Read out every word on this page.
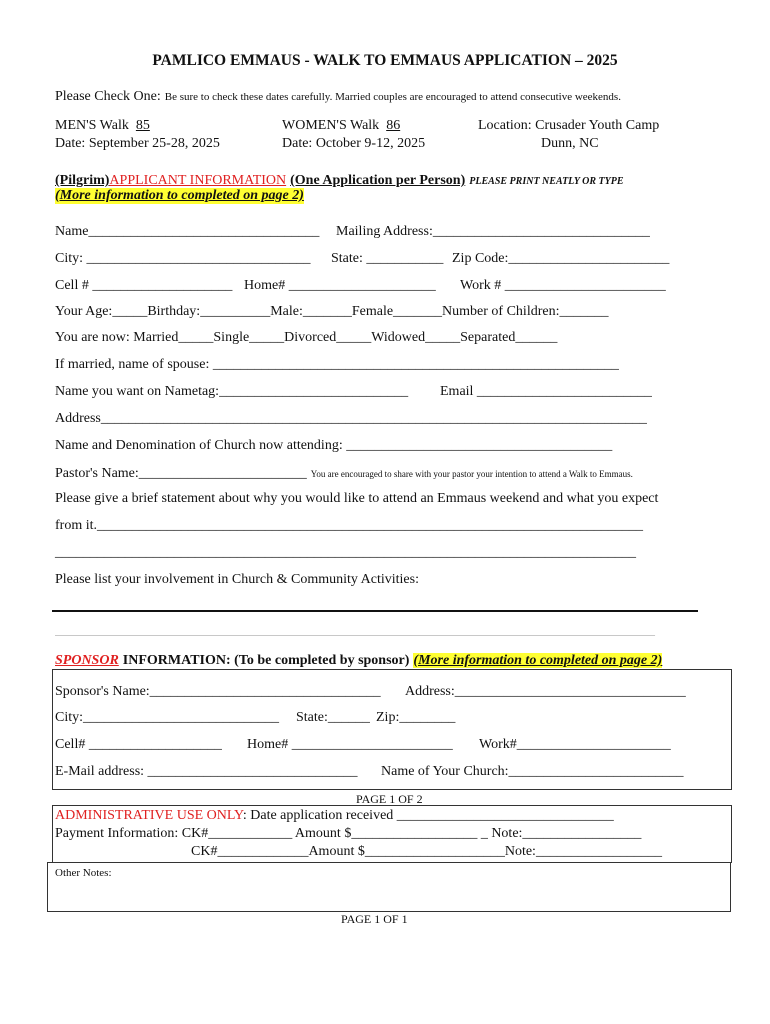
PAMLICO EMMAUS - WALK TO EMMAUS APPLICATION – 2025
Please Check One: Be sure to check these dates carefully. Married couples are encouraged to attend consecutive weekends.
MEN'S Walk 85
Date: September 25-28, 2025
WOMEN'S Walk 86
Date: October 9-12, 2025
Location: Crusader Youth Camp
Dunn, NC
(Pilgrim)APPLICANT INFORMATION (One Application per Person) PLEASE PRINT NEATLY OR TYPE
(More information to completed on page 2)
Name_________________________________ Mailing Address:_______________________________
City: ________________________________ State: ___________ Zip Code:_______________________
Cell # ____________________ Home# _____________________ Work # _______________________
Your Age:_____Birthday:__________Male:_______Female_______Number of Children:_______
You are now: Married_____Single_____Divorced_____Widowed_____Separated______
If married, name of spouse: __________________________________________________________
Name you want on Nametag:___________________________ Email _________________________
Address______________________________________________________________________________
Name and Denomination of Church now attending: ______________________________________
Pastor's Name:________________________ You are encouraged to share with your pastor your intention to attend a Walk to Emmaus.
Please give a brief statement about why you would like to attend an Emmaus weekend and what you expect
from it.______________________________________________________________________________
___________________________________________________________________________________
Please list your involvement in Church & Community Activities:
________________________________________________________________________________________________________________________
SPONSOR INFORMATION: (To be completed by sponsor) (More information to completed on page 2)
Sponsor's Name:_________________________________ Address:_________________________________
City:____________________________ State:______ Zip:________
Cell# ___________________ Home# _______________________ Work#______________________
E-Mail address: ______________________________ Name of Your Church:_________________________
PAGE 1 OF 2
ADMINISTRATIVE USE ONLY: Date application received _______________________________
Payment Information: CK#____________ Amount $__________________ _ Note:_________________
CK#_____________Amount $____________________Note:__________________
Other Notes:
PAGE 1 OF 1
